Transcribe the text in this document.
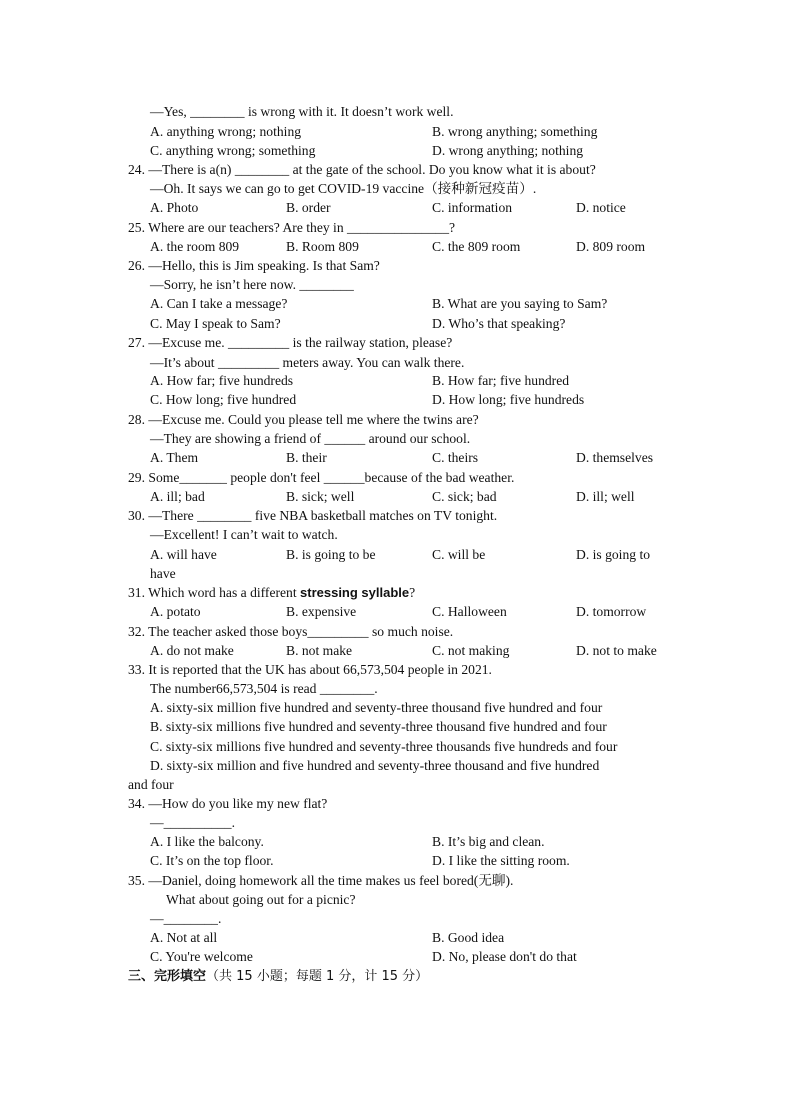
—Yes, ________ is wrong with it. It doesn’t work well.
A. anything wrong; nothing	B. wrong anything; something
C. anything wrong; something	D. wrong anything; nothing
24. —There is a(n) ________ at the gate of the school. Do you know what it is about?
—Oh. It says we can go to get COVID-19 vaccine（接种新冠疫苗）.
A. Photo	B. order	C. information	D. notice
25. Where are our teachers? Are they in _______________?
A. the room 809	B. Room 809	C. the 809 room	D. 809 room
26. —Hello, this is Jim speaking. Is that Sam?
—Sorry, he isn’t here now. ________
A. Can I take a message?	B. What are you saying to Sam?
C. May I speak to Sam?	D. Who’s that speaking?
27. —Excuse me. _________ is the railway station, please?
—It’s about _________ meters away. You can walk there.
A. How far; five hundreds	B. How far; five hundred
C. How long; five hundred	D. How long; five hundreds
28. —Excuse me. Could you please tell me where the twins are?
—They are showing a friend of ______ around our school.
A. Them	B. their	C. theirs	D. themselves
29. Some_______ people don't feel ______because of the bad weather.
A. ill; bad	B. sick; well	C. sick; bad	D. ill; well
30. —There ________ five NBA basketball matches on TV tonight.
—Excellent! I can’t wait to watch.
A. will have	B. is going to be	C. will be	D. is going to
have
31. Which word has a different stressing syllable?
A. potato	B. expensive	C. Halloween	D. tomorrow
32. The teacher asked those boys_________ so much noise.
A. do not make	B. not make	C. not making	D. not to make
33. It is reported that the UK has about 66,573,504 people in 2021.
The number66,573,504 is read ________.
A. sixty-six million five hundred and seventy-three thousand five hundred and four
B. sixty-six millions five hundred and seventy-three thousand five hundred and four
C. sixty-six millions five hundred and seventy-three thousands five hundreds and four
D. sixty-six million and five hundred and seventy-three thousand and five hundred
and four
34. —How do you like my new flat?
—__________.
A. I like the balcony.	B. It’s big and clean.
C. It’s on the top floor.	D. I like the sitting room.
35. —Daniel, doing homework all the time makes us feel bored(无聊).
What about going out for a picnic?
—________.
A. Not at all	B. Good idea
C. You're welcome	D. No, please don't do that
三、完形填空（共 15 小题；每题 1 分，计 15 分）
